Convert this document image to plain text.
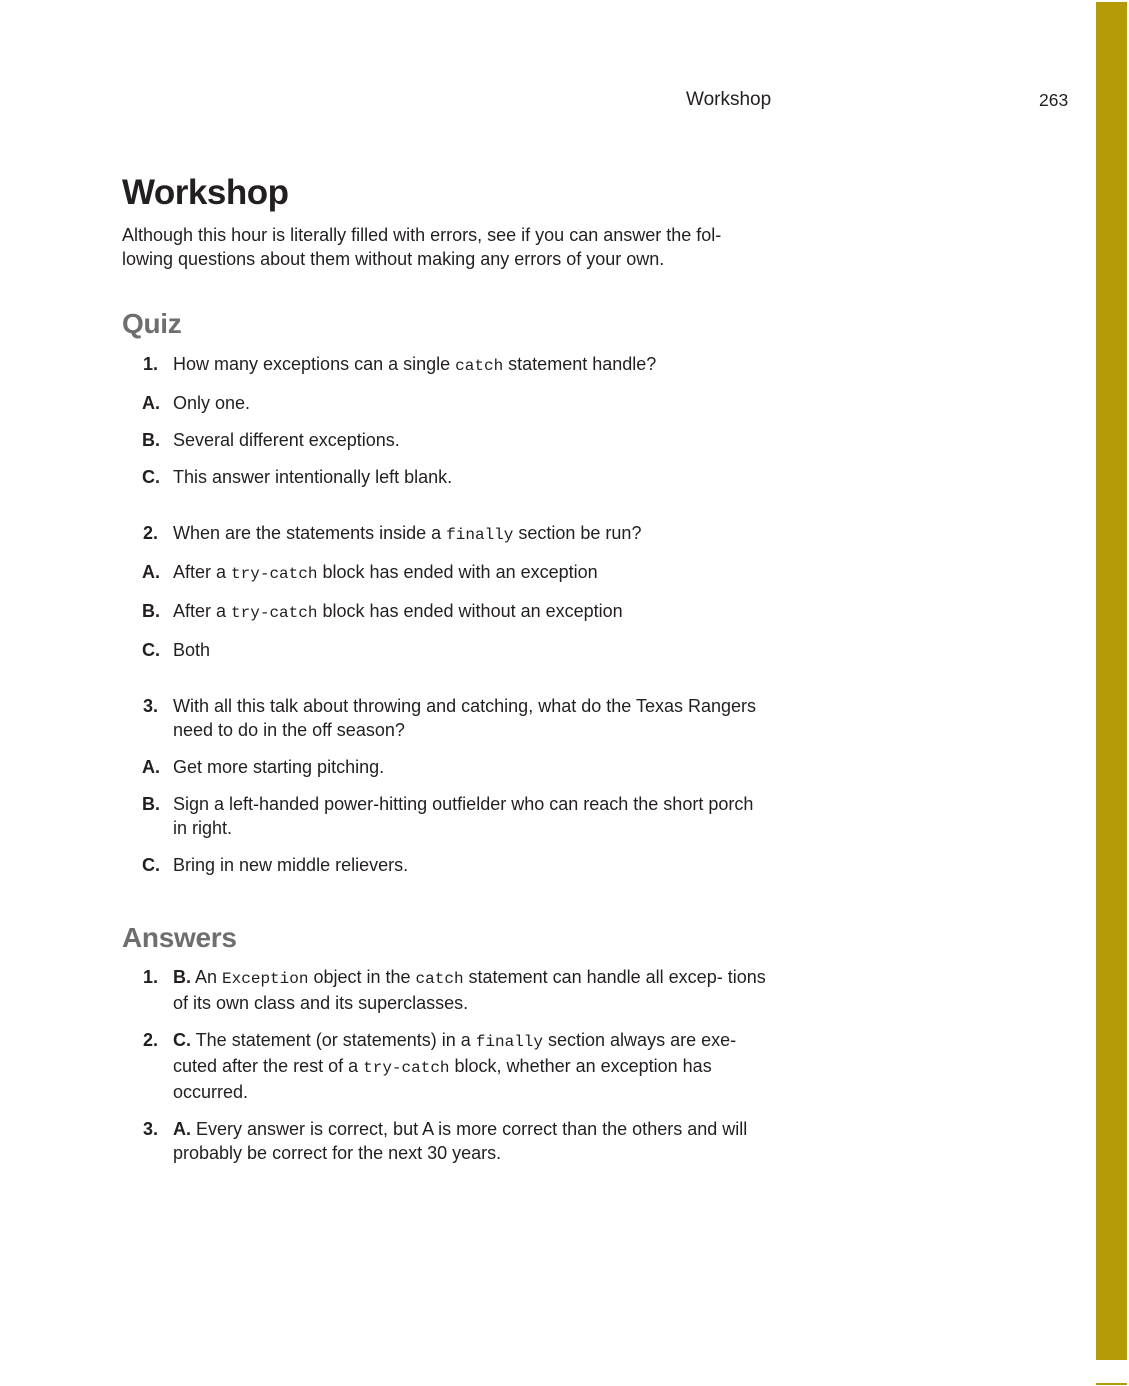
Workshop	263
Workshop

Although this hour is literally filled with errors, see if you can answer the fol- lowing questions about them without making any errors of your own.

Quiz
1. How many exceptions can a single catch statement handle?
A. Only one.
B. Several different exceptions.
C. This answer intentionally left blank.
2. When are the statements inside a finally section be run?
A. After a try-catch block has ended with an exception
B. After a try-catch block has ended without an exception
C. Both
3. With all this talk about throwing and catching, what do the Texas Rangers need to do in the off season?
A. Get more starting pitching.
B. Sign a left-handed power-hitting outfielder who can reach the short porch in right.
C. Bring in new middle relievers.
Answers
1. B. An Exception object in the catch statement can handle all excep- tions of its own class and its superclasses.
2. C. The statement (or statements) in a finally section always are exe- cuted after the rest of a try-catch block, whether an exception has occurred.
3. A. Every answer is correct, but A is more correct than the others and will probably be correct for the next 30 years.
